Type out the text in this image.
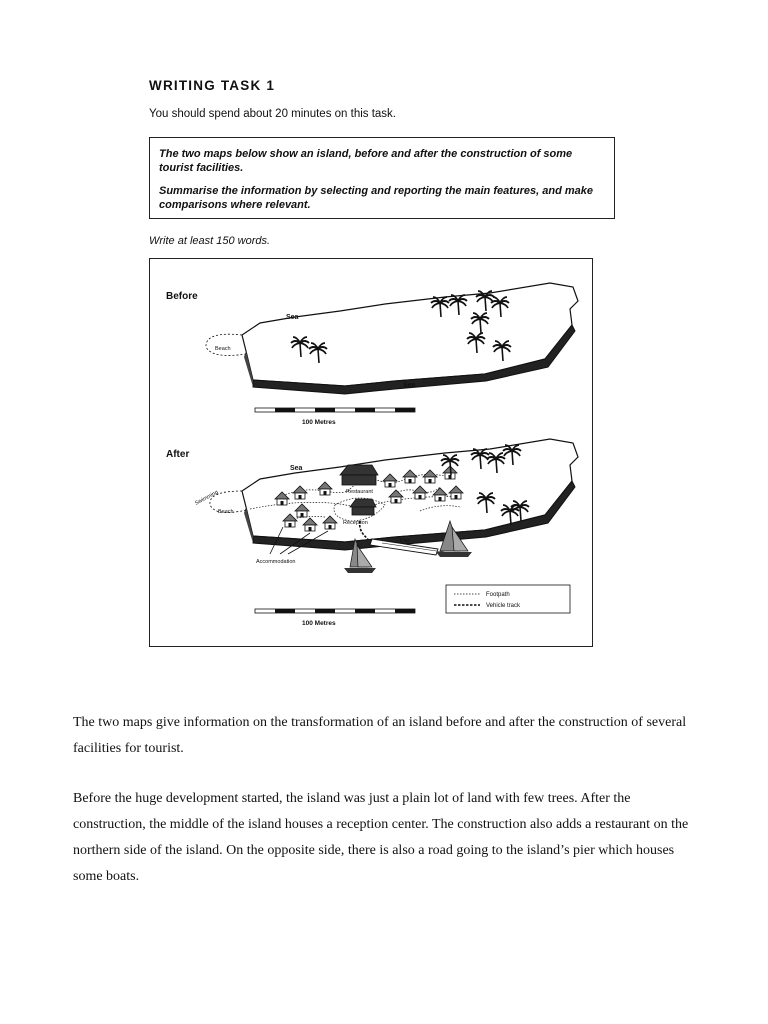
WRITING TASK 1
You should spend about 20 minutes on this task.

The two maps below show an island, before and after the construction of some tourist facilities.

Summarise the information by selecting and reporting the main features, and make comparisons where relevant.

Write at least 150 words.
Before
Beach
Sea
Sea
100 Metres
After
Beach
Swimming
Sea
Restaurant
Reception
Pier
Accommodation
Footpath
Vehicle track
100 Metres

The two maps give information on the transformation of an island before and after the construction of several facilities for tourist.

Before the huge development started, the island was just a plain lot of land with few trees. After the construction, the middle of the island houses a reception center. The construction also adds a restaurant on the northern side of the island. On the opposite side, there is also a road going to the island’s pier which houses some boats.
